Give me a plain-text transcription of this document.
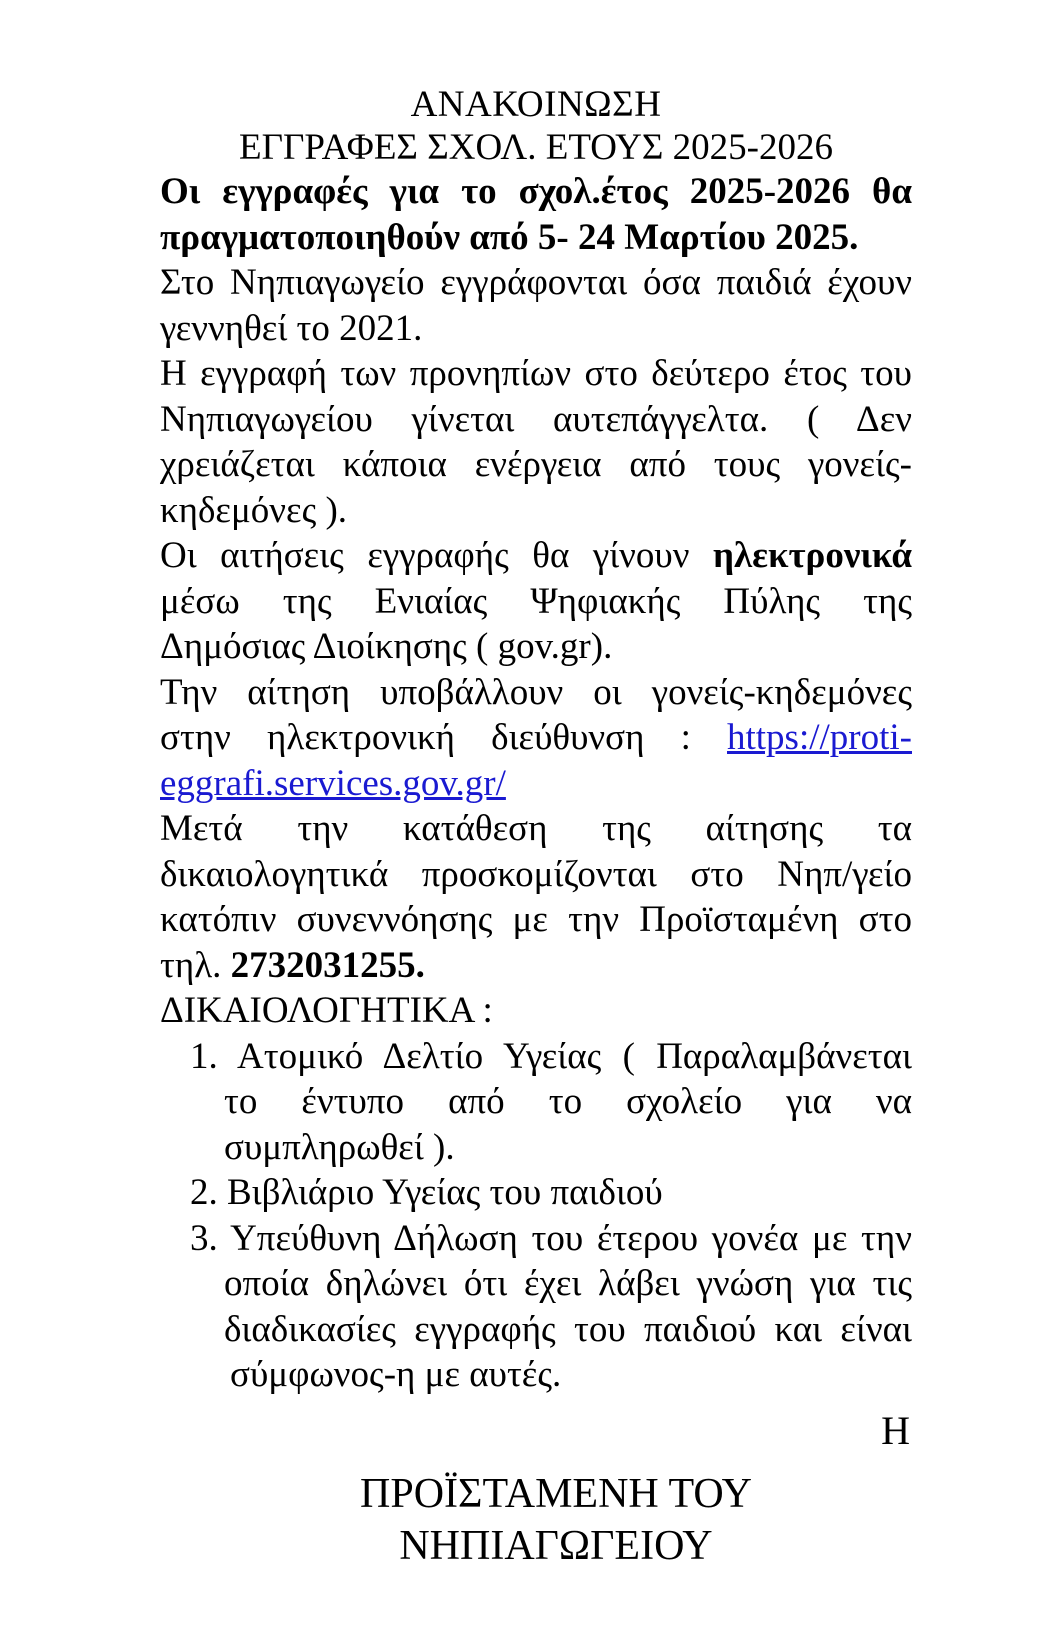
ΑΝΑΚΟΙΝΩΣΗ
ΕΓΓΡΑΦΕΣ ΣΧΟΛ. ΕΤΟΥΣ 2025-2026
Οι εγγραφές για το σχολ.έτος 2025-2026 θα
πραγματοποιηθούν από 5- 24 Μαρτίου 2025.
Στο Νηπιαγωγείο εγγράφονται όσα παιδιά έχουν
γεννηθεί το 2021.
Η εγγραφή των προνηπίων στο δεύτερο έτος του
Νηπιαγωγείου γίνεται αυτεπάγγελτα. ( Δεν
χρειάζεται κάποια ενέργεια από τους γονείς-
κηδεμόνες ).
Οι αιτήσεις εγγραφής θα γίνουν ηλεκτρονικά
μέσω της Ενιαίας Ψηφιακής Πύλης της
Δημόσιας Διοίκησης ( gov.gr).
Την αίτηση υποβάλλουν οι γονείς-κηδεμόνες
στην ηλεκτρονική διεύθυνση : https://proti-
eggrafi.services.gov.gr/
Μετά την κατάθεση της αίτησης τα
δικαιολογητικά προσκομίζονται στο Νηπ/γείο
κατόπιν συνεννόησης με την Προϊσταμένη στο
τηλ. 2732031255.
ΔΙΚΑΙΟΛΟΓΗΤΙΚΑ :
1. Ατομικό Δελτίο Υγείας ( Παραλαμβάνεται
το έντυπο από το σχολείο για να
συμπληρωθεί ).
2. Βιβλιάριο Υγείας του παιδιού
3. Υπεύθυνη Δήλωση του έτερου γονέα με την
οποία δηλώνει ότι έχει λάβει γνώση για τις
διαδικασίες εγγραφής του παιδιού και είναι
σύμφωνος-η με αυτές.
Η
ΠΡΟΪΣΤΑΜΕΝΗ ΤΟΥ ΝΗΠΙΑΓΩΓΕΙΟΥ
